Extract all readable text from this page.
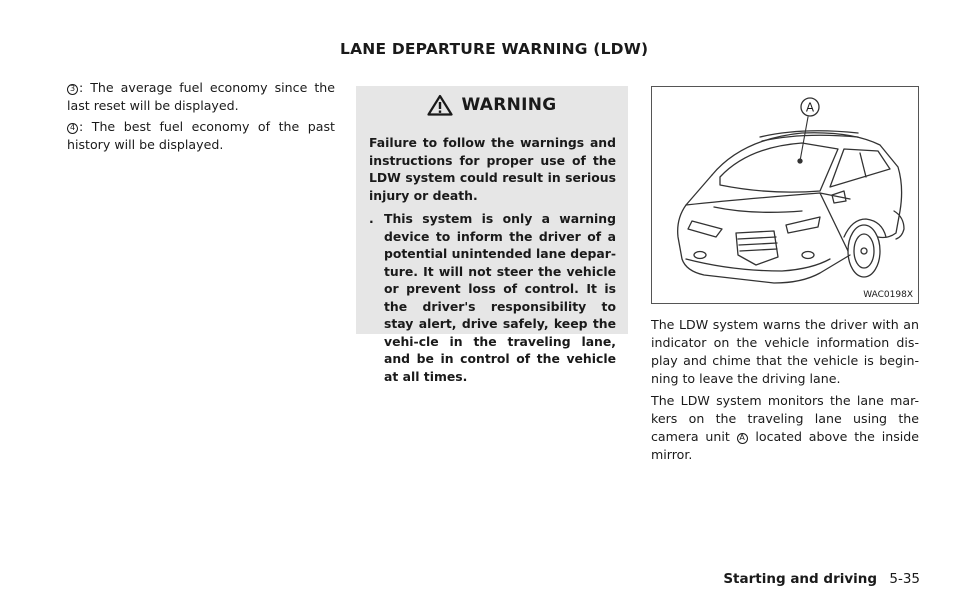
LANE DEPARTURE WARNING (LDW)

3 : The average fuel economy since the last reset will be displayed.

4 : The best fuel economy of the past history will be displayed.

WARNING

Failure to follow the warnings and instructions for proper use of the LDW system could result in serious injury or death.

. This system is only a warning device to inform the driver of a potential unintended lane depar-ture. It will not steer the vehicle or prevent loss of control. It is the driver's responsibility to stay alert, drive safely, keep the vehi-cle in the traveling lane, and be in control of the vehicle at all times.
A
WAC0198X

The LDW system warns the driver with an indicator on the vehicle information dis-play and chime that the vehicle is begin-ning to leave the driving lane.

The LDW system monitors the lane mar-kers on the traveling lane using the camera unit A located above the inside mirror.

Starting and driving 5-35
